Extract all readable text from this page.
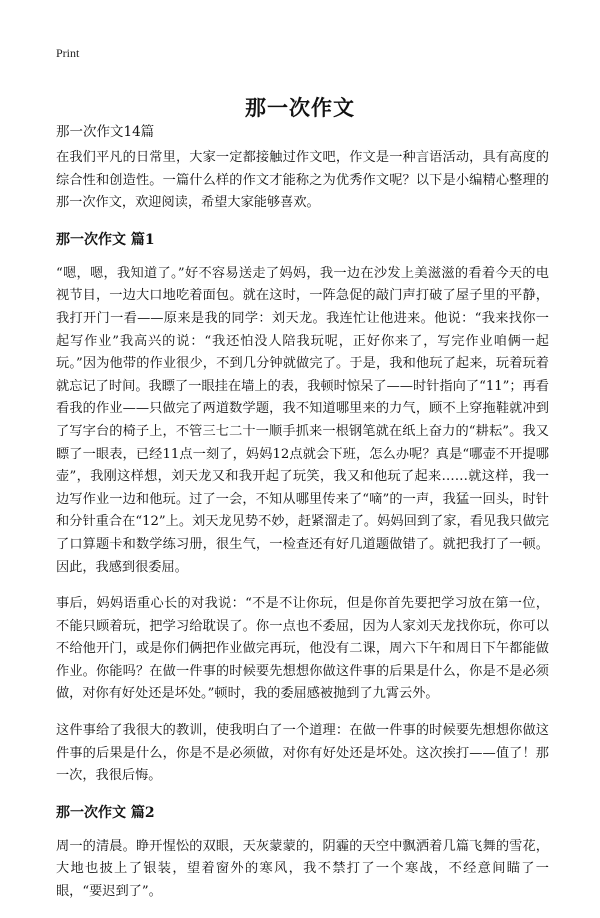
Print
那一次作文
那一次作文14篇

在我们平凡的日常里，大家一定都接触过作文吧，作文是一种言语活动，具有高度的综合性和创造性。一篇什么样的作文才能称之为优秀作文呢？以下是小编精心整理的那一次作文，欢迎阅读，希望大家能够喜欢。

那一次作文 篇1

“嗯，嗯，我知道了。”好不容易送走了妈妈，我一边在沙发上美滋滋的看着今天的电视节目，一边大口地吃着面包。就在这时，一阵急促的敲门声打破了屋子里的平静，我打开门一看——原来是我的同学：刘天龙。我连忙让他进来。他说：“我来找你一起写作业”我高兴的说：“我还怕没人陪我玩呢，正好你来了，写完作业咱俩一起玩。”因为他带的作业很少，不到几分钟就做完了。于是，我和他玩了起来，玩着玩着就忘记了时间。我瞟了一眼挂在墙上的表，我顿时惊呆了——时针指向了“11”；再看看我的作业——只做完了两道数学题，我不知道哪里来的力气，顾不上穿拖鞋就冲到了写字台的椅子上，不管三七二十一顺手抓来一根钢笔就在纸上奋力的“耕耘”。我又瞟了一眼表，已经11点一刻了，妈妈12点就会下班，怎么办呢？真是“哪壶不开提哪壶”，我刚这样想，刘天龙又和我开起了玩笑，我又和他玩了起来……就这样，我一边写作业一边和他玩。过了一会，不知从哪里传来了“嘀”的一声，我猛一回头，时针和分针重合在“12”上。刘天龙见势不妙，赶紧溜走了。妈妈回到了家，看见我只做完了口算题卡和数学练习册，很生气，一检查还有好几道题做错了。就把我打了一顿。因此，我感到很委屈。

事后，妈妈语重心长的对我说：“不是不让你玩，但是你首先要把学习放在第一位，不能只顾着玩，把学习给耽误了。你一点也不委屈，因为人家刘天龙找你玩，你可以不给他开门，或是你们俩把作业做完再玩，他没有二课，周六下午和周日下午都能做作业。你能吗？在做一件事的时候要先想想你做这件事的后果是什么，你是不是必须做，对你有好处还是坏处。”顿时，我的委屈感被抛到了九霄云外。

这件事给了我很大的教训，使我明白了一个道理：在做一件事的时候要先想想你做这件事的后果是什么，你是不是必须做，对你有好处还是坏处。这次挨打——值了！那一次，我很后悔。

那一次作文 篇2

周一的清晨。睁开惺忪的双眼，天灰蒙蒙的，阴霾的天空中飘洒着几篇飞舞的雪花，大地也披上了银装，望着窗外的寒风，我不禁打了一个寒战，不经意间瞄了一眼，“要迟到了”。
